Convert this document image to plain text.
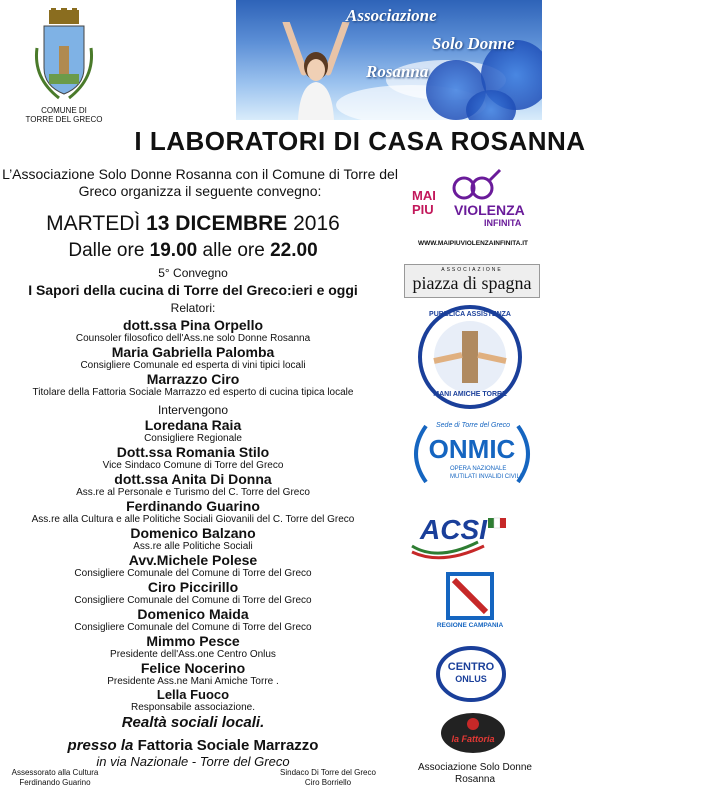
COMUNE DI
TORRE DEL GRECO
Associazione
Solo Donne
Rosanna
I LABORATORI DI CASA ROSANNA
L’Associazione Solo Donne Rosanna con il Comune di Torre del Greco organizza il seguente convegno:
MARTEDÌ 13 DICEMBRE 2016
Dalle ore 19.00 alle ore 22.00
5° Convegno
I Sapori della cucina di Torre del Greco:ieri e oggi
Relatori:
dott.ssa Pina Orpello
Counsoler filosofico dell'Ass.ne solo Donne Rosanna
Maria Gabriella Palomba
Consigliere Comunale ed esperta di vini tipici locali
Marrazzo Ciro
Titolare della Fattoria Sociale Marrazzo ed esperto di cucina tipica locale
Intervengono
Loredana Raia
Consigliere Regionale
Dott.ssa Romania Stilo
Vice Sindaco Comune di Torre del Greco
dott.ssa Anita Di Donna
Ass.re al Personale e Turismo del C. Torre del Greco
Ferdinando Guarino
Ass.re alla Cultura e alle Politiche Sociali Giovanili del C. Torre del Greco
Domenico Balzano
Ass.re alle Politiche Sociali
Avv.Michele Polese
Consigliere Comunale del Comune di Torre del Greco
Ciro Piccirillo
Consigliere Comunale del Comune di Torre del Greco
Domenico Maida
Consigliere Comunale del Comune di Torre del Greco
Mimmo Pesce
Presidente dell'Ass.one Centro Onlus
Felice Nocerino
Presidente Ass.ne Mani Amiche Torre .
Lella Fuoco
Responsabile associazione.
Realtà sociali locali.
presso la Fattoria Sociale Marrazzo
in via Nazionale - Torre del Greco
Assessorato alla Cultura
Ferdinando Guarino
Sindaco Di Torre del Greco
Ciro Borriello
MAI
PIU VIOLENZA
INFINITA
WWW.MAIPIUVIOLENZAINFINITA.IT
ASSOCIAZIONE
piazza di spagna
PUBBLICA ASSISTENZA
MANI AMICHE TORRE
Sede di Torre del Greco
ONMIC
OPERA NAZIONALE
MUTILATI INVALIDI CIVILI
ACSI
REGIONE CAMPANIA
CENTRO
ONLUS
la Fattoria
Associazione Solo Donne
Rosanna
